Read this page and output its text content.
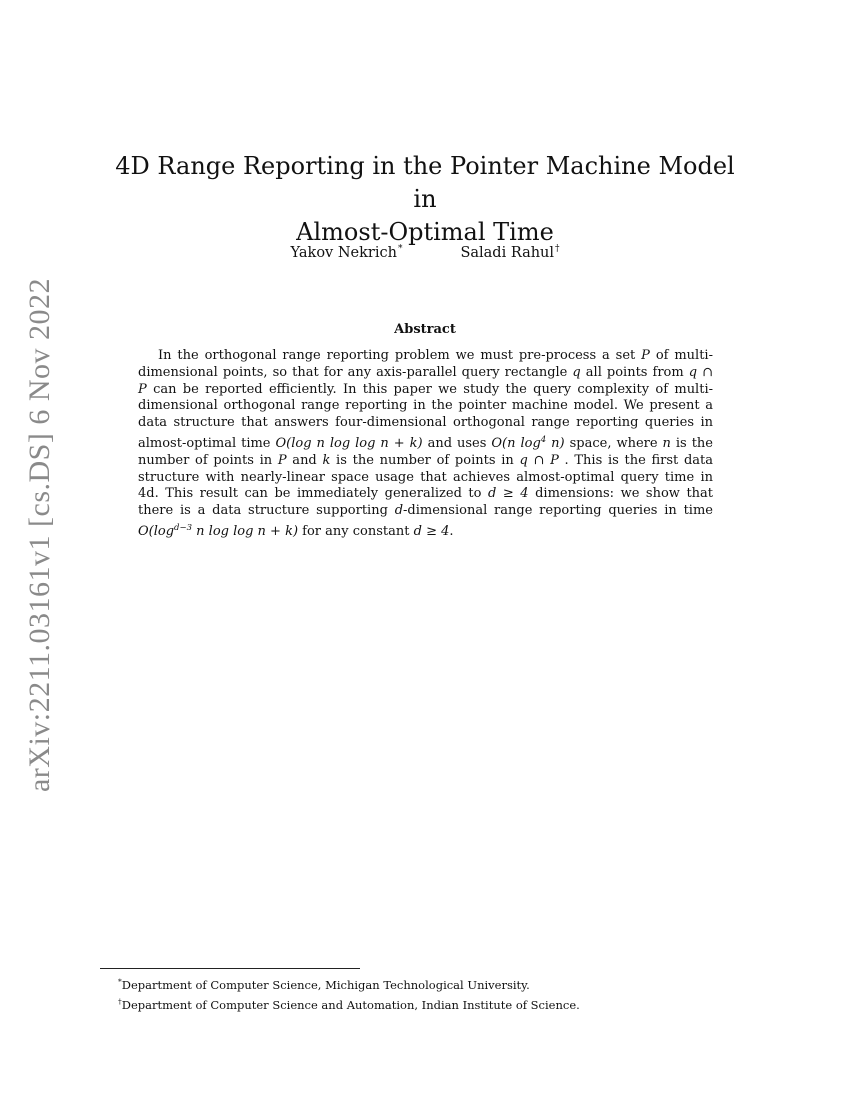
arXiv:2211.03161v1 [cs.DS] 6 Nov 2022
4D Range Reporting in the Pointer Machine Model in
Almost-Optimal Time
Yakov Nekrich*	Saladi Rahul†
Abstract

In the orthogonal range reporting problem we must pre-process a set P of multi-dimensional points, so that for any axis-parallel query rectangle q all points from q ∩ P can be reported efficiently. In this paper we study the query complexity of multi-dimensional orthogonal range reporting in the pointer machine model. We present a data structure that answers four-dimensional orthogonal range reporting queries in almost-optimal time O(log n log log n + k) and uses O(n $\log^4 n$) space, where n is the number of points in P and k is the number of points in q ∩ P . This is the first data structure with nearly-linear space usage that achieves almost-optimal query time in 4d. This result can be immediately generalized to d ≥ 4 dimensions: we show that there is a data structure supporting d-dimensional range reporting queries in time $O(\log^{d-3}$ n log log n + k) for any constant d ≥ 4.

*Department of Computer Science, Michigan Technological University.
†Department of Computer Science and Automation, Indian Institute of Science.
